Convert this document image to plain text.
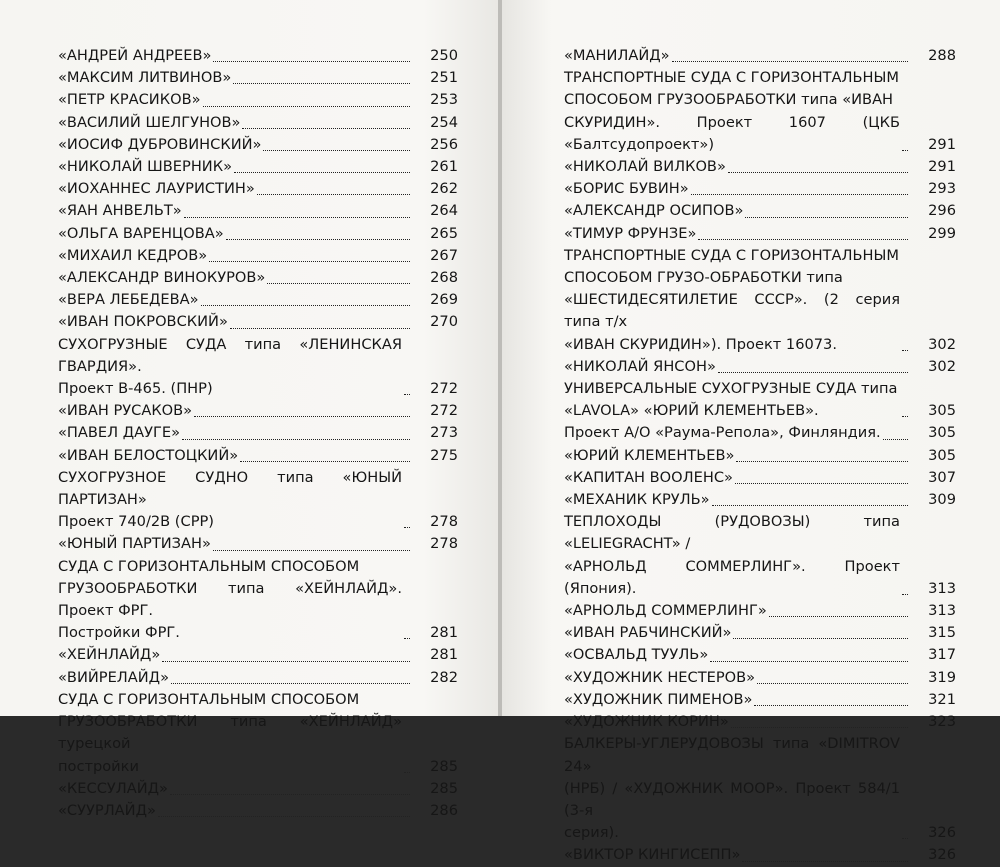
«АНДРЕЙ АНДРЕЕВ»	250
«МАКСИМ ЛИТВИНОВ»	251
«ПЕТР КРАСИКОВ»	253
«ВАСИЛИЙ ШЕЛГУНОВ»	254
«ИОСИФ ДУБРОВИНСКИЙ»	256
«НИКОЛАЙ ШВЕРНИК»	261
«ИОХАННЕС ЛАУРИСТИН»	262
«ЯАН АНВЕЛЬТ»	264
«ОЛЬГА ВАРЕНЦОВА»	265
«МИХАИЛ КЕДРОВ»	267
«АЛЕКСАНДР ВИНОКУРОВ»	268
«ВЕРА ЛЕБЕДЕВА»	269
«ИВАН ПОКРОВСКИЙ»	270
СУХОГРУЗНЫЕ СУДА типа «ЛЕНИНСКАЯ ГВАРДИЯ».
Проект В-465. (ПНР)	272
«ИВАН РУСАКОВ»	272
«ПАВЕЛ ДАУГЕ»	273
«ИВАН БЕЛОСТОЦКИЙ»	275
СУХОГРУЗНОЕ СУДНО типа «ЮНЫЙ ПАРТИЗАН»
Проект 740/2В (СРР)	278
«ЮНЫЙ ПАРТИЗАН»	278
СУДА С ГОРИЗОНТАЛЬНЫМ СПОСОБОМ
ГРУЗООБРАБОТКИ типа «ХЕЙНЛАЙД». Проект ФРГ.
Постройки ФРГ.	281
«ХЕЙНЛАЙД»	281
«ВИЙРЕЛАЙД»	282
СУДА С ГОРИЗОНТАЛЬНЫМ СПОСОБОМ
ГРУЗООБРАБОТКИ типа «ХЕЙНЛАЙД» турецкой
постройки	285
«КЕССУЛАЙД»	285
«СУУРЛАЙД»	286
«МАНИЛАЙД»	288
ТРАНСПОРТНЫЕ СУДА С ГОРИЗОНТАЛЬНЫМ
СПОСОБОМ ГРУЗООБРАБОТКИ типа «ИВАН
СКУРИДИН». Проект 1607 (ЦКБ «Балтсудопроект»)	291
«НИКОЛАЙ ВИЛКОВ»	291
«БОРИС БУВИН»	293
«АЛЕКСАНДР ОСИПОВ»	296
«ТИМУР ФРУНЗЕ»	299
ТРАНСПОРТНЫЕ СУДА С ГОРИЗОНТАЛЬНЫМ
СПОСОБОМ ГРУЗО-ОБРАБОТКИ типа
«ШЕСТИДЕСЯТИЛЕТИЕ СССР». (2 серия типа т/х
«ИВАН СКУРИДИН»). Проект 16073.	302
«НИКОЛАЙ ЯНСОН»	302
УНИВЕРСАЛЬНЫЕ СУХОГРУЗНЫЕ СУДА типа
«LAVOLA» «ЮРИЙ КЛЕМЕНТЬЕВ».	305
Проект А/О «Раума-Репола», Финляндия.	305
«ЮРИЙ КЛЕМЕНТЬЕВ»	305
«КАПИТАН ВООЛЕНС»	307
«МЕХАНИК КРУЛЬ»	309
ТЕПЛОХОДЫ (РУДОВОЗЫ) типа «LELIEGRACHT» /
«АРНОЛЬД СОММЕРЛИНГ». Проект (Япония).	313
«АРНОЛЬД СОММЕРЛИНГ»	313
«ИВАН РАБЧИНСКИЙ»	315
«ОСВАЛЬД ТУУЛЬ»	317
«ХУДОЖНИК НЕСТЕРОВ»	319
«ХУДОЖНИК ПИМЕНОВ»	321
«ХУДОЖНИК КОРИН»	323
БАЛКЕРЫ-УГЛЕРУДОВОЗЫ типа «DIMITROV 24»
(НРБ) / «ХУДОЖНИК МООР». Проект 584/1 (3-я
серия).	326
«ВИКТОР КИНГИСЕПП»	326
